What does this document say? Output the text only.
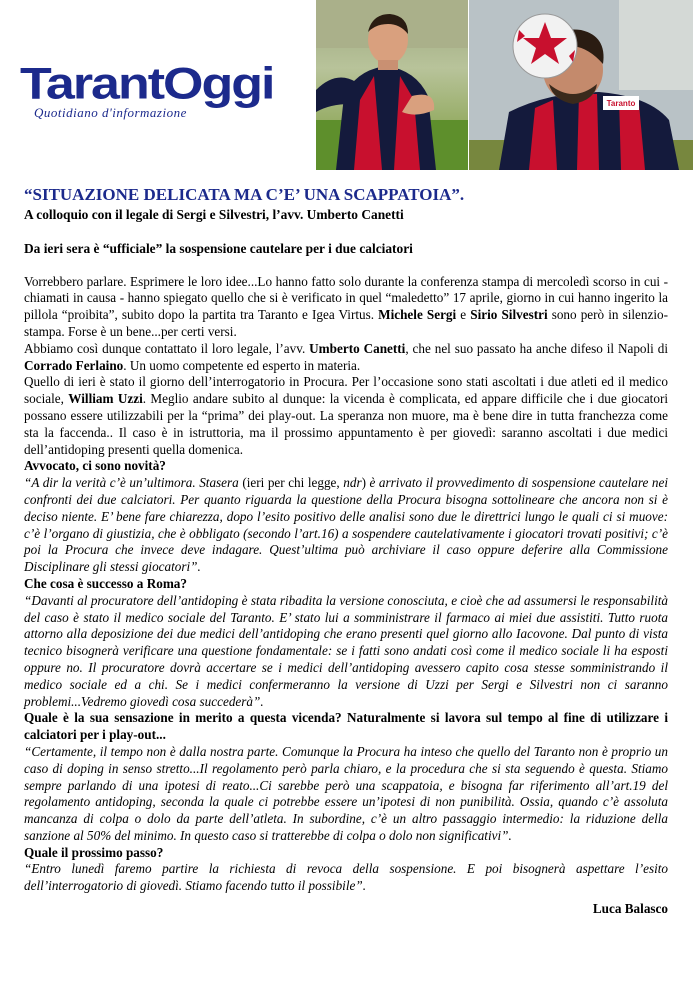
TarantOggi
Quotidiano d'informazione
Taranto
“SITUAZIONE DELICATA MA C’E’ UNA SCAPPATOIA”.

A colloquio con il legale di Sergi e Silvestri, l’avv. Umberto Canetti

Da ieri sera è “ufficiale” la sospensione cautelare per i due calciatori

Vorrebbero parlare. Esprimere le loro idee...Lo hanno fatto solo durante la conferenza stampa di mercoledì scorso in cui - chiamati in causa - hanno spiegato quello che si è verificato in quel “maledetto” 17 aprile, giorno in cui hanno ingerito la pillola “proibita”, subito dopo la partita tra Taranto e Igea Virtus. Michele Sergi e Sirio Silvestri sono però in silenzio-stampa. Forse è un bene...per certi versi.

Abbiamo così dunque contattato il loro legale, l’avv. Umberto Canetti, che nel suo passato ha anche difeso il Napoli di Corrado Ferlaino. Un uomo competente ed esperto in materia.

Quello di ieri è stato il giorno dell’interrogatorio in Procura. Per l’occasione sono stati ascoltati i due atleti ed il medico sociale, William Uzzi. Meglio andare subito al dunque: la vicenda è complicata, ed appare difficile che i due giocatori possano essere utilizzabili per la “prima” dei play-out. La speranza non muore, ma è bene dire in tutta franchezza come sta la faccenda.. Il caso è in istruttoria, ma il prossimo appuntamento è per giovedì: saranno ascoltati i due medici dell’antidoping presenti quella domenica.

Avvocato, ci sono novità?

“A dir la verità c’è un’ultimora. Stasera (ieri per chi legge, ndr) è arrivato il provvedimento di sospensione cautelare nei confronti dei due calciatori. Per quanto riguarda la questione della Procura bisogna sottolineare che ancora non si è deciso niente. E’ bene fare chiarezza, dopo l’esito positivo delle analisi sono due le direttrici lungo le quali ci si muove: c’è l’organo di giustizia, che è obbligato (secondo l’art.16) a sospendere cautelativamente i giocatori trovati positivi; c’è poi la Procura che invece deve indagare. Quest’ultima può archiviare il caso oppure deferire alla Commissione Disciplinare gli stessi giocatori”.

Che cosa è successo a Roma?

“Davanti al procuratore dell’antidoping è stata ribadita la versione conosciuta, e cioè che ad assumersi le responsabilità del caso è stato il medico sociale del Taranto. E’ stato lui a somministrare il farmaco ai miei due assistiti. Tutto ruota attorno alla deposizione dei due medici dell’antidoping che erano presenti quel giorno allo Iacovone. Dal punto di vista tecnico bisognerà verificare una questione fondamentale: se i fatti sono andati così come il medico sociale li ha esposti oppure no. Il procuratore dovrà accertare se i medici dell’antidoping avessero capito cosa stesse somministrando il medico sociale ed a chi. Se i medici confermeranno la versione di Uzzi per Sergi e Silvestri non ci saranno problemi...Vedremo giovedì cosa succederà”.

Quale è la sua sensazione in merito a questa vicenda? Naturalmente si lavora sul tempo al fine di utilizzare i calciatori per i play-out...

“Certamente, il tempo non è dalla nostra parte. Comunque la Procura ha inteso che quello del Taranto non è proprio un caso di doping in senso stretto...Il regolamento però parla chiaro, e la procedura che si sta seguendo è questa. Stiamo sempre parlando di una ipotesi di reato...Ci sarebbe però una scappatoia, e bisogna far riferimento all’art.19 del regolamento antidoping, seconda la quale ci potrebbe essere un’ipotesi di non punibilità. Ossia, quando c’è assoluta mancanza di colpa o dolo da parte dell’atleta. In subordine, c’è un altro passaggio intermedio: la riduzione della sanzione al 50% del minimo. In questo caso si tratterebbe di colpa o dolo non significativi”.

Quale il prossimo passo?

“Entro lunedì faremo partire la richiesta di revoca della sospensione. E poi bisognerà aspettare l’esito dell’interrogatorio di giovedì. Stiamo facendo tutto il possibile”.

Luca Balasco
